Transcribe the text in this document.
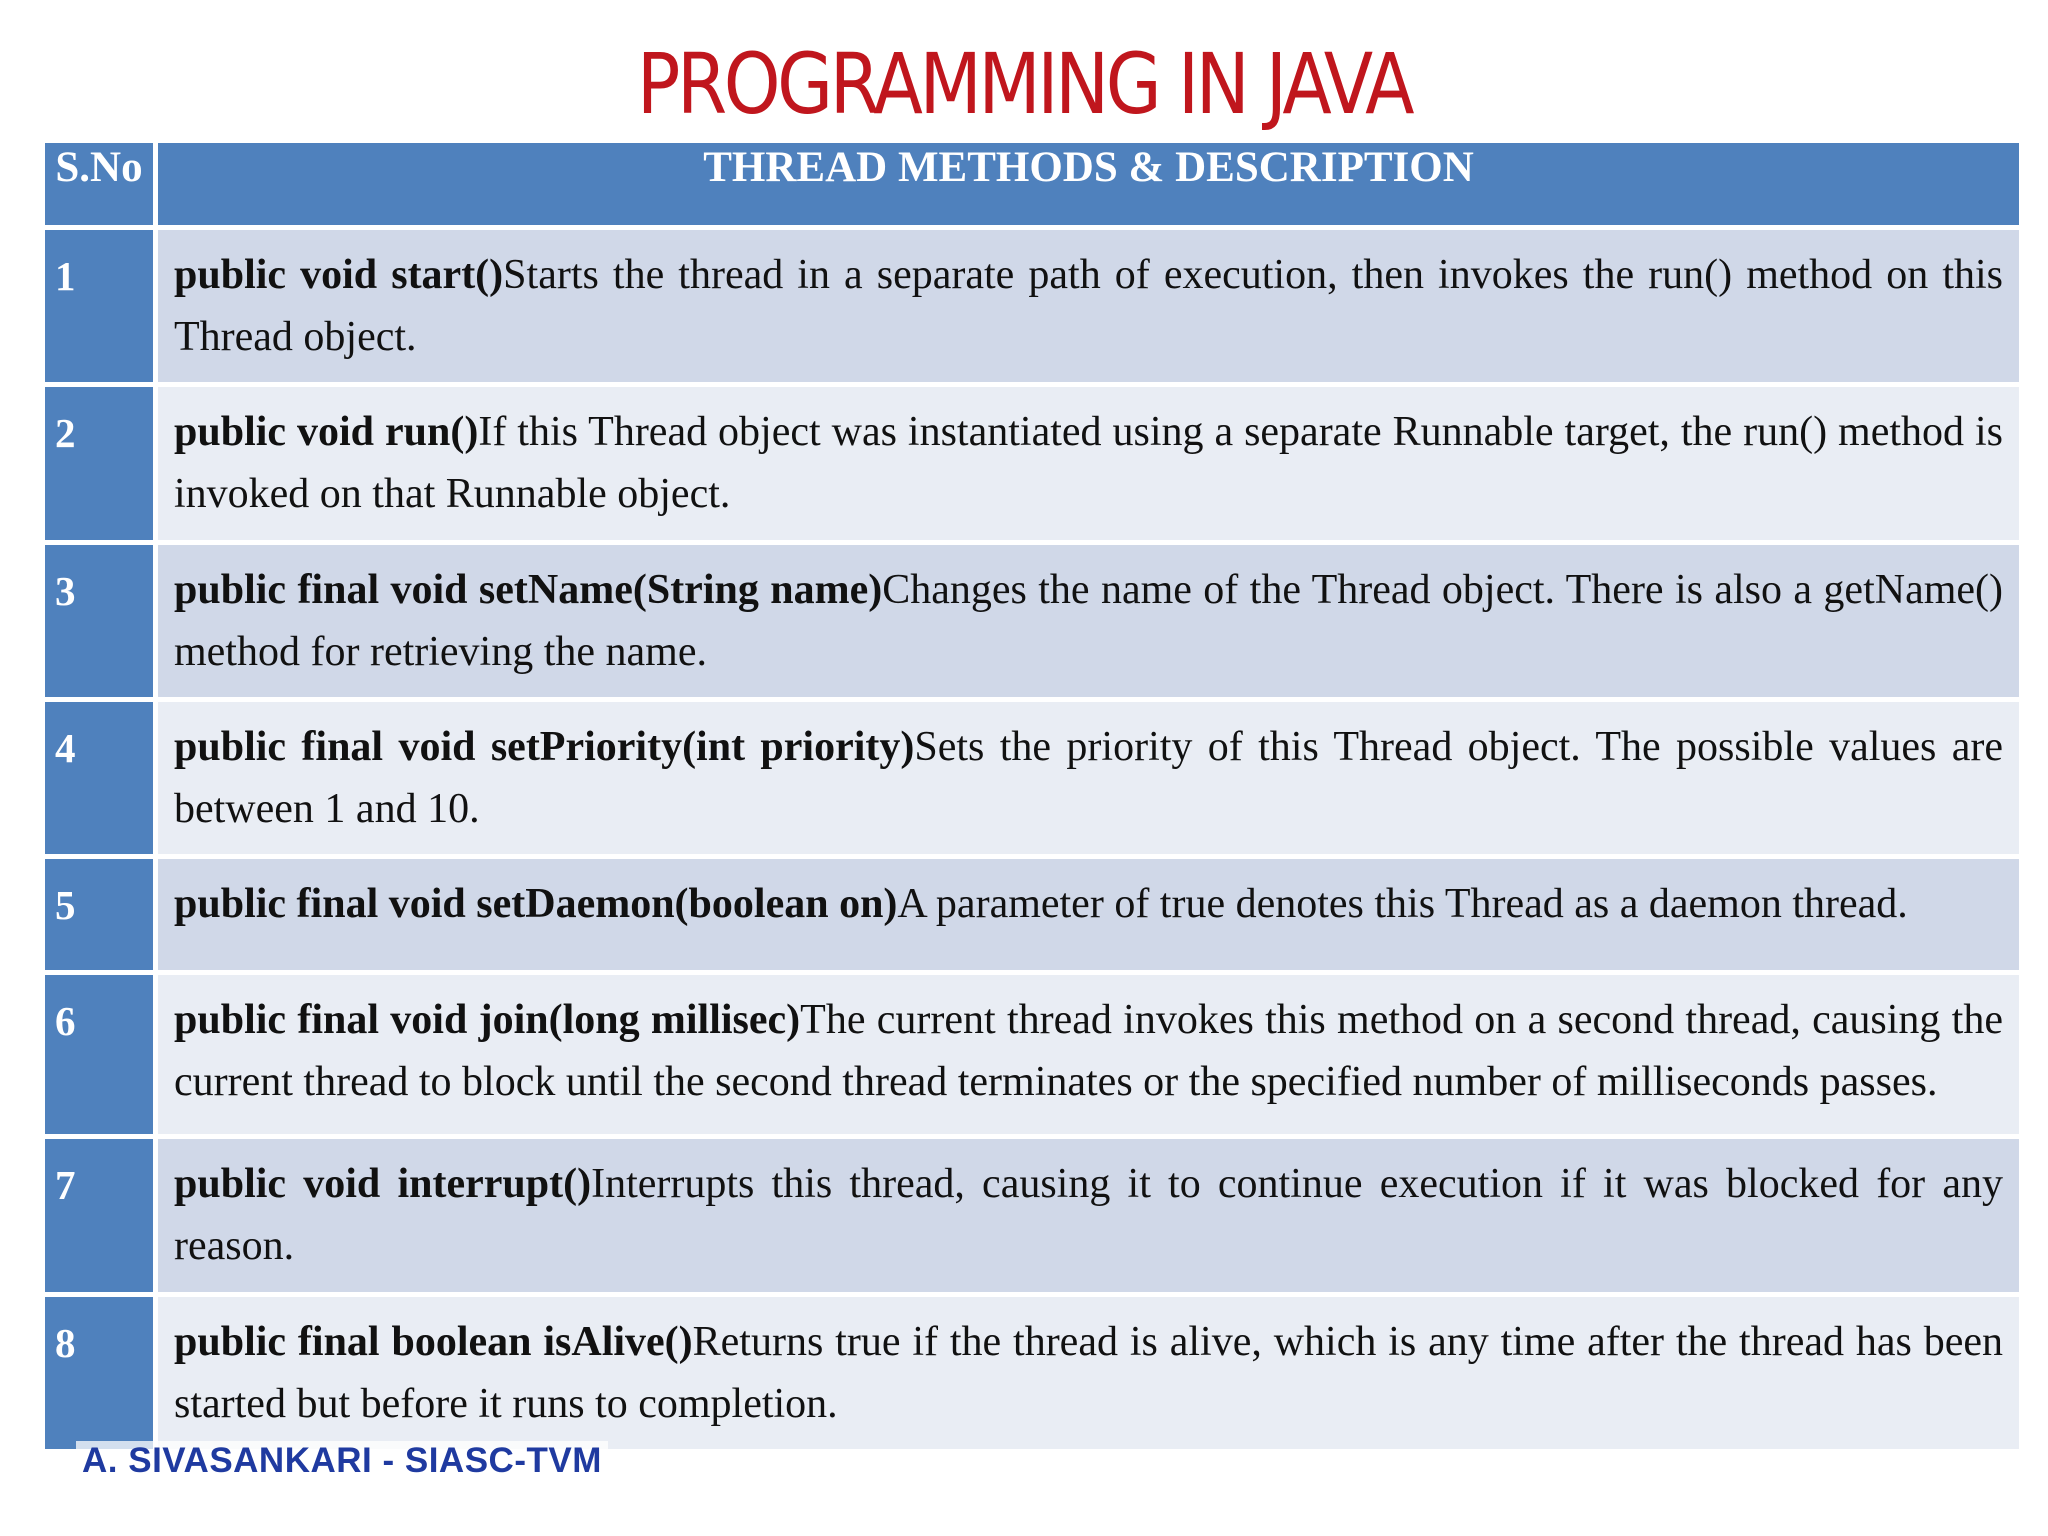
PROGRAMMING IN JAVA
S.No	THREAD METHODS & DESCRIPTION
1	public void start()Starts the thread in a separate path of execution, then invokes the run() method on this Thread object.
2	public void run()If this Thread object was instantiated using a separate Runnable target, the run() method is invoked on that Runnable object.
3	public final void setName(String name)Changes the name of the Thread object. There is also a getName() method for retrieving the name.
4	public final void setPriority(int priority)Sets the priority of this Thread object. The possible values are between 1 and 10.
5	public final void setDaemon(boolean on)A parameter of true denotes this Thread as a daemon thread.
6	public final void join(long millisec)The current thread invokes this method on a second thread, causing the current thread to block until the second thread terminates or the specified number of milliseconds passes.
7	public void interrupt()Interrupts this thread, causing it to continue execution if it was blocked for any reason.
8	public final boolean isAlive()Returns true if the thread is alive, which is any time after the thread has been started but before it runs to completion.
A. SIVASANKARI - SIASC-TVM
